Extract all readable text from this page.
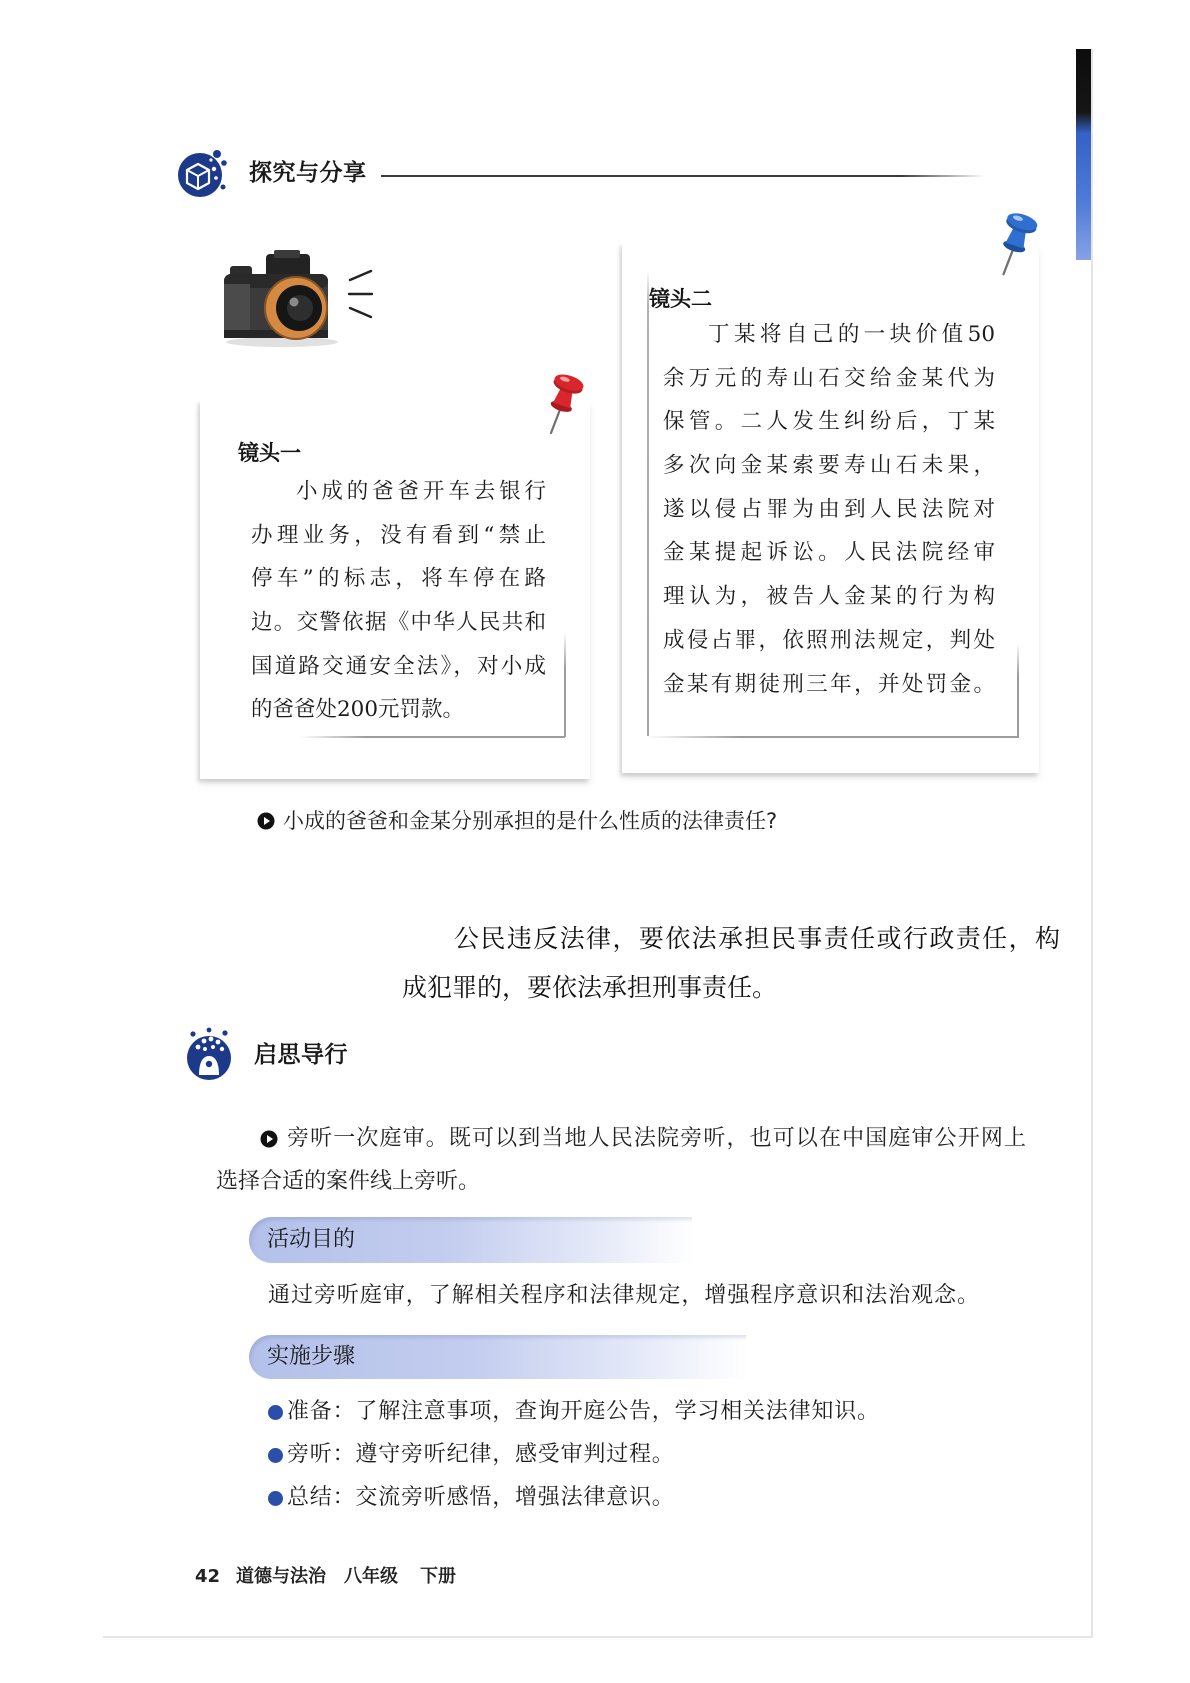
探究与分享
镜头一
小成的爸爸开车去银行
办理业务，没有看到“禁止
停车”的标志，将车停在路
边。交警依据《中华人民共和
国道路交通安全法》，对小成
的爸爸处200元罚款。
镜头二
丁某将自己的一块价值50
余万元的寿山石交给金某代为
保管。二人发生纠纷后，丁某
多次向金某索要寿山石未果，
遂以侵占罪为由到人民法院对
金某提起诉讼。人民法院经审
理认为，被告人金某的行为构
成侵占罪，依照刑法规定，判处
金某有期徒刑三年，并处罚金。
小成的爸爸和金某分别承担的是什么性质的法律责任?
公民违反法律，要依法承担民事责任或行政责任，构
成犯罪的，要依法承担刑事责任。
启思导行
旁听一次庭审。既可以到当地人民法院旁听，也可以在中国庭审公开网上
选择合适的案件线上旁听。
活动目的
通过旁听庭审，了解相关程序和法律规定，增强程序意识和法治观念。
实施步骤
准备：了解注意事项，查询开庭公告，学习相关法律知识。
旁听：遵守旁听纪律，感受审判过程。
总结：交流旁听感悟，增强法律意识。
42 道德与法治 八年级 下册
